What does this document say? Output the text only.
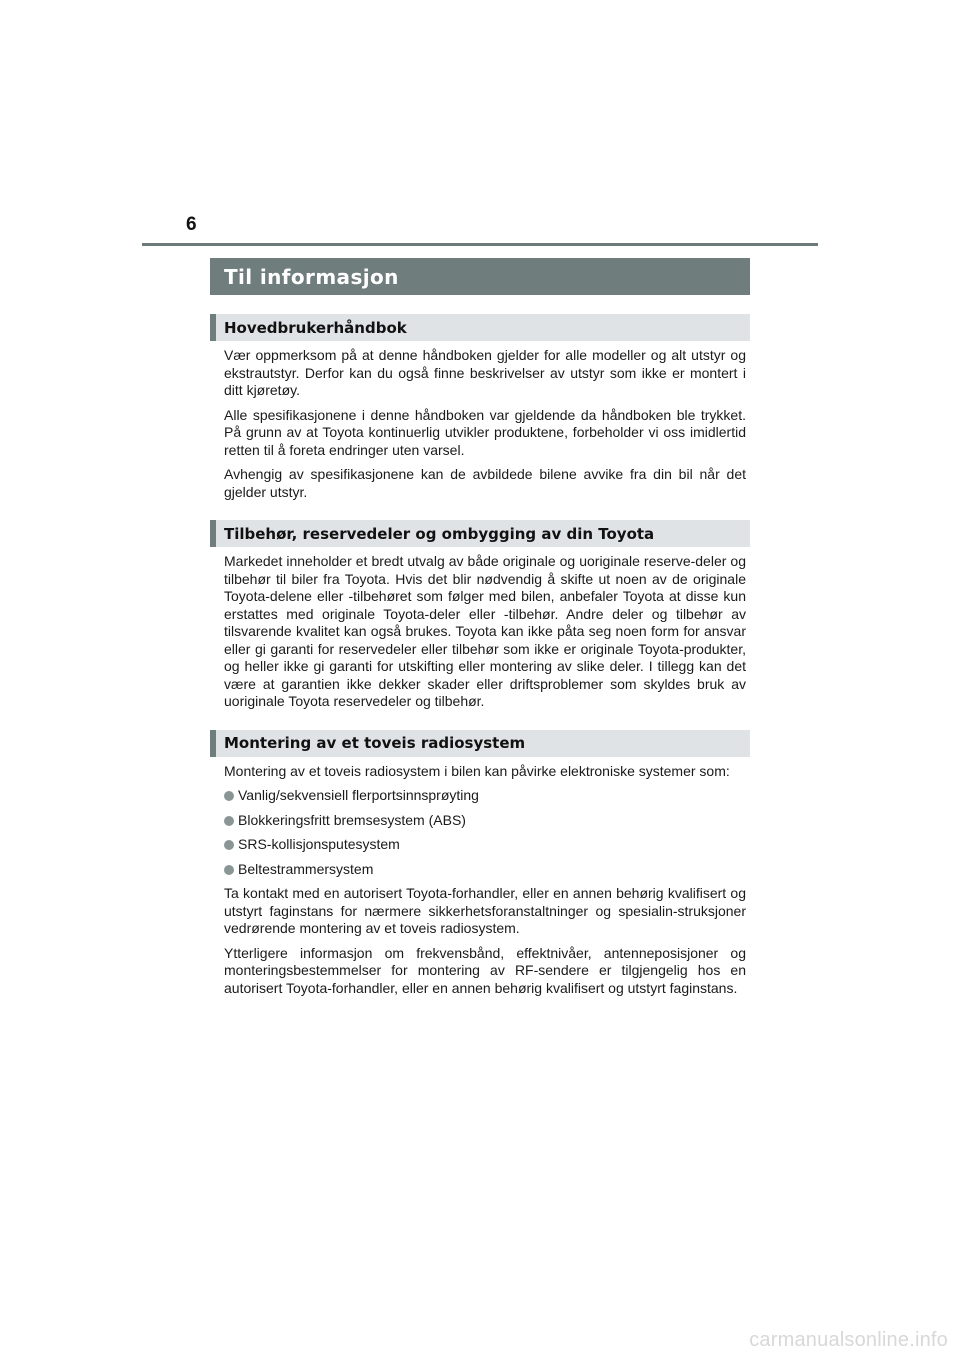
6
Til informasjon
Hovedbrukerhåndbok

Vær oppmerksom på at denne håndboken gjelder for alle modeller og alt utstyr og ekstrautstyr. Derfor kan du også finne beskrivelser av utstyr som ikke er montert i ditt kjøretøy.

Alle spesifikasjonene i denne håndboken var gjeldende da håndboken ble trykket. På grunn av at Toyota kontinuerlig utvikler produktene, forbeholder vi oss imidlertid retten til å foreta endringer uten varsel.

Avhengig av spesifikasjonene kan de avbildede bilene avvike fra din bil når det gjelder utstyr.

Tilbehør, reservedeler og ombygging av din Toyota

Markedet inneholder et bredt utvalg av både originale og uoriginale reserve-deler og tilbehør til biler fra Toyota. Hvis det blir nødvendig å skifte ut noen av de originale Toyota-delene eller -tilbehøret som følger med bilen, anbefaler Toyota at disse kun erstattes med originale Toyota-deler eller -tilbehør. Andre deler og tilbehør av tilsvarende kvalitet kan også brukes. Toyota kan ikke påta seg noen form for ansvar eller gi garanti for reservedeler eller tilbehør som ikke er originale Toyota-produkter, og heller ikke gi garanti for utskifting eller montering av slike deler. I tillegg kan det være at garantien ikke dekker skader eller driftsproblemer som skyldes bruk av uoriginale Toyota reservedeler og tilbehør.

Montering av et toveis radiosystem

Montering av et toveis radiosystem i bilen kan påvirke elektroniske systemer som:

Vanlig/sekvensiell flerportsinnsprøyting
Blokkeringsfritt bremsesystem (ABS)
SRS-kollisjonsputesystem
Beltestrammersystem

Ta kontakt med en autorisert Toyota-forhandler, eller en annen behørig kvalifisert og utstyrt faginstans for nærmere sikkerhetsforanstaltninger og spesialin-struksjoner vedrørende montering av et toveis radiosystem.

Ytterligere informasjon om frekvensbånd, effektnivåer, antenneposisjoner og monteringsbestemmelser for montering av RF-sendere er tilgjengelig hos en autorisert Toyota-forhandler, eller en annen behørig kvalifisert og utstyrt faginstans.

carmanualsonline.info
